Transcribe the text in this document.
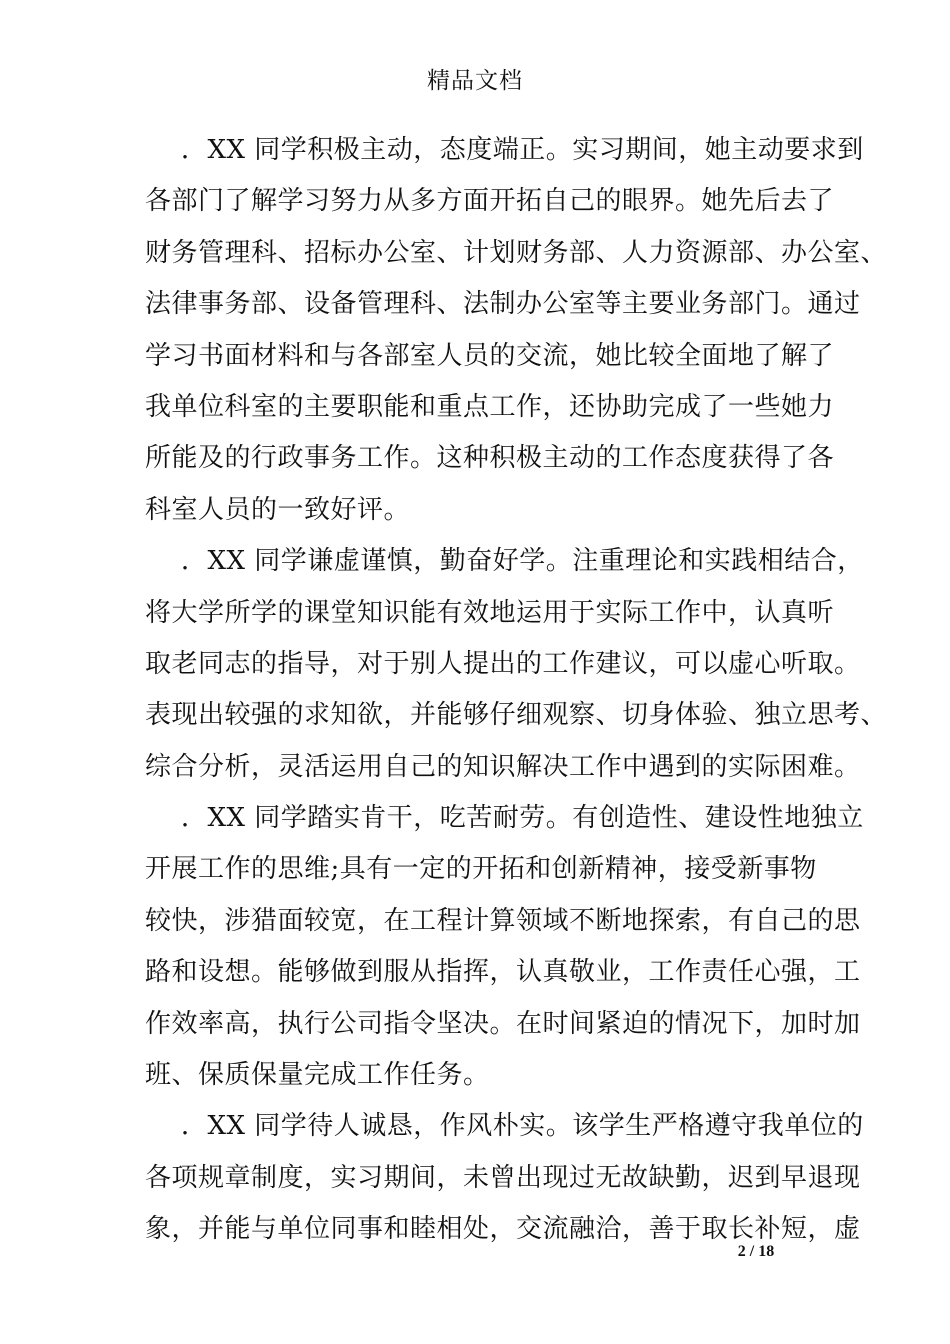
精品文档
．XX 同学积极主动，态度端正。实习期间，她主动要求到
各部门了解学习努力从多方面开拓自己的眼界。她先后去了
财务管理科、招标办公室、计划财务部、人力资源部、办公室、
法律事务部、设备管理科、法制办公室等主要业务部门。通过
学习书面材料和与各部室人员的交流，她比较全面地了解了
我单位科室的主要职能和重点工作，还协助完成了一些她力
所能及的行政事务工作。这种积极主动的工作态度获得了各
科室人员的一致好评。
．XX 同学谦虚谨慎，勤奋好学。注重理论和实践相结合，
将大学所学的课堂知识能有效地运用于实际工作中，认真听
取老同志的指导，对于别人提出的工作建议，可以虚心听取。
表现出较强的求知欲，并能够仔细观察、切身体验、独立思考、
综合分析，灵活运用自己的知识解决工作中遇到的实际困难。
．XX 同学踏实肯干，吃苦耐劳。有创造性、建设性地独立
开展工作的思维;具有一定的开拓和创新精神，接受新事物
较快，涉猎面较宽，在工程计算领域不断地探索，有自己的思
路和设想。能够做到服从指挥，认真敬业，工作责任心强，工
作效率高，执行公司指令坚决。在时间紧迫的情况下，加时加
班、保质保量完成工作任务。
．XX 同学待人诚恳，作风朴实。该学生严格遵守我单位的
各项规章制度，实习期间，未曾出现过无故缺勤，迟到早退现
象，并能与单位同事和睦相处，交流融洽，善于取长补短，虚
2 / 18
